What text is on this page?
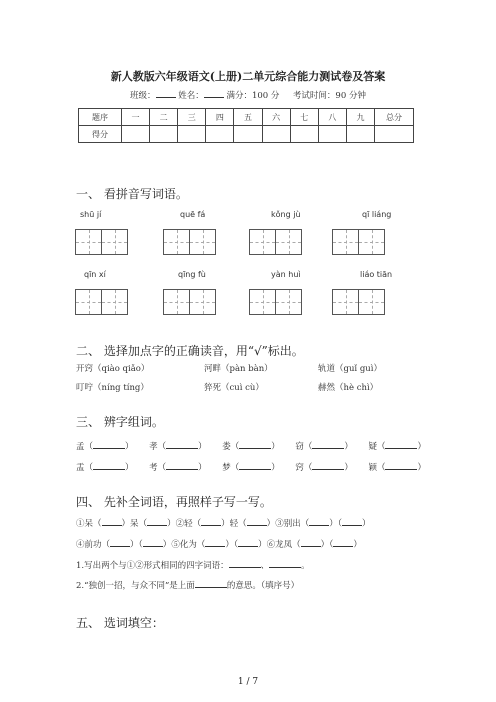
新人教版六年级语文(上册)二单元综合能力测试卷及答案
班级：	姓名：	满分：100 分 考试时间：90 分钟
题序	一	二	三	四	五	六	七	八	九	总分
得分										
一、 看拼音写词语。
shū jí	quē fá	kǒng jù	qī liáng
qīn xí	qīng fù	yàn huì	liáo tiān
二、 选择加点字的正确读音，用“√”标出。
开窍（qiào qiǎo）	河畔（pàn bàn）	轨道（guǐ guì）
叮咛（níng tíng）	猝死（cuì cù）	赫然（hè chì）
三、 辨字组词。
孟（	） 孝（	） 娄（	） 窃（	） 疑（	）
盂（	） 考（	） 梦（	） 窍（	） 颖（	）
四、 先补全词语，再照样子写一写。
①呆（ ）呆（ ）②轻（ ）轻（ ）③别出（ ）（ ）
④前功（ ）（ ）⑤化为（ ）（ ）⑥龙凤（ ）（ ）
1.写出两个与①②形式相同的四字词语：	、	。
2.“独创一招，与众不同”是上面	的意思。（填序号）
五、 选词填空：
1 / 7
